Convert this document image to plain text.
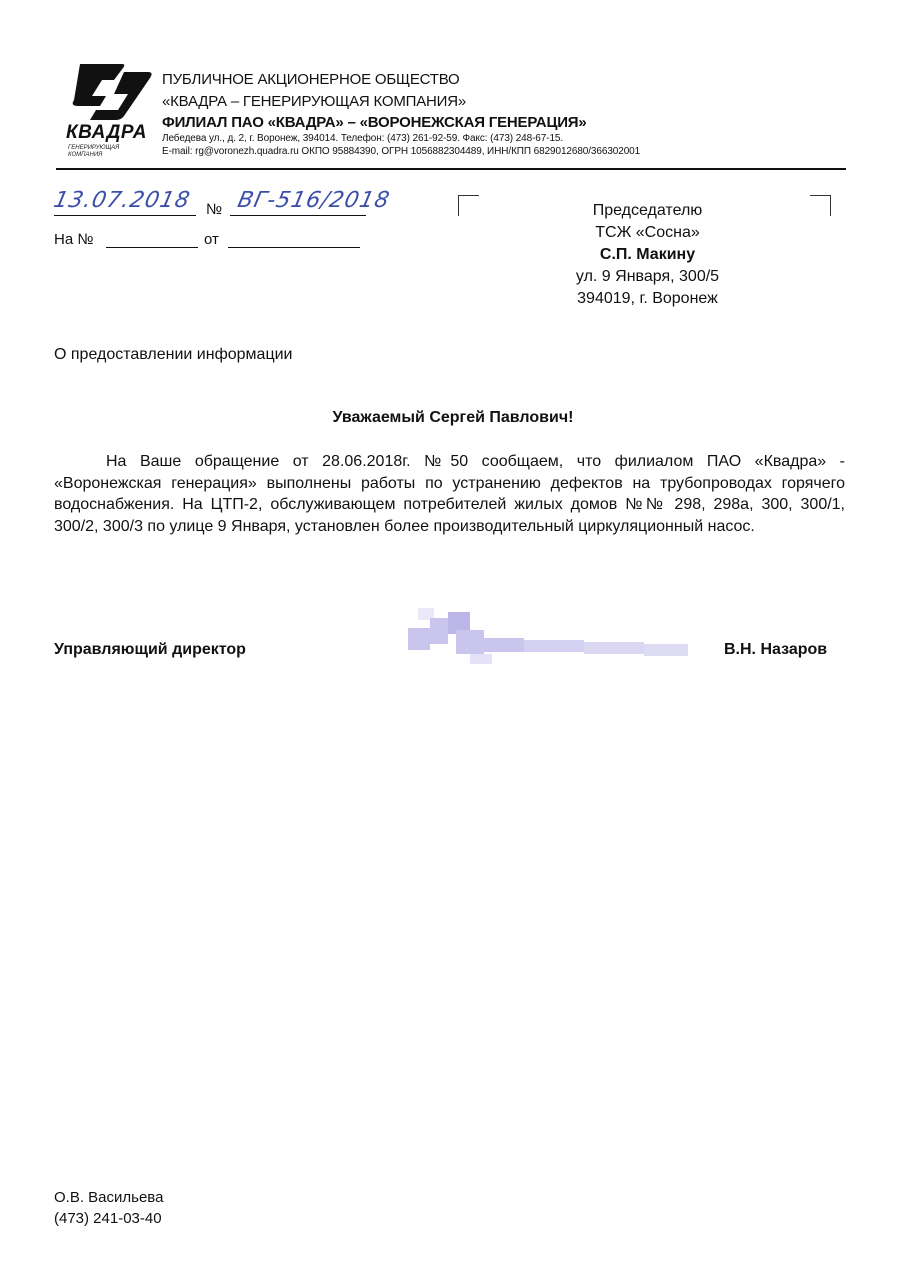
КВАДРА
ГЕНЕРИРУЮЩАЯ КОМПАНИЯ
ПУБЛИЧНОЕ АКЦИОНЕРНОЕ ОБЩЕСТВО
«КВАДРА – ГЕНЕРИРУЮЩАЯ КОМПАНИЯ»
ФИЛИАЛ ПАО «КВАДРА» – «ВОРОНЕЖСКАЯ ГЕНЕРАЦИЯ»
Лебедева ул., д. 2, г. Воронеж, 394014. Телефон: (473) 261-92-59. Факс: (473) 248-67-15.
E-mail: rg@voronezh.quadra.ru ОКПО 95884390, ОГРН 1056882304489, ИНН/КПП 6829012680/366302001
13.07.2018 № ВГ-516/2018
На №	от
Председателю
ТСЖ «Сосна»
С.П. Макину
ул. 9 Января, 300/5
394019, г. Воронеж
О предоставлении информации
Уважаемый Сергей Павлович!
На Ваше обращение от 28.06.2018г. №50 сообщаем, что филиалом ПАО «Квадра» - «Воронежская генерация» выполнены работы по устранению дефектов на трубопроводах горячего водоснабжения. На ЦТП-2, обслуживающем потребителей жилых домов №№ 298, 298а, 300, 300/1, 300/2, 300/3 по улице 9 Января, установлен более производительный циркуляционный насос.
Управляющий директор	В.Н. Назаров
О.В. Васильева
(473) 241-03-40
